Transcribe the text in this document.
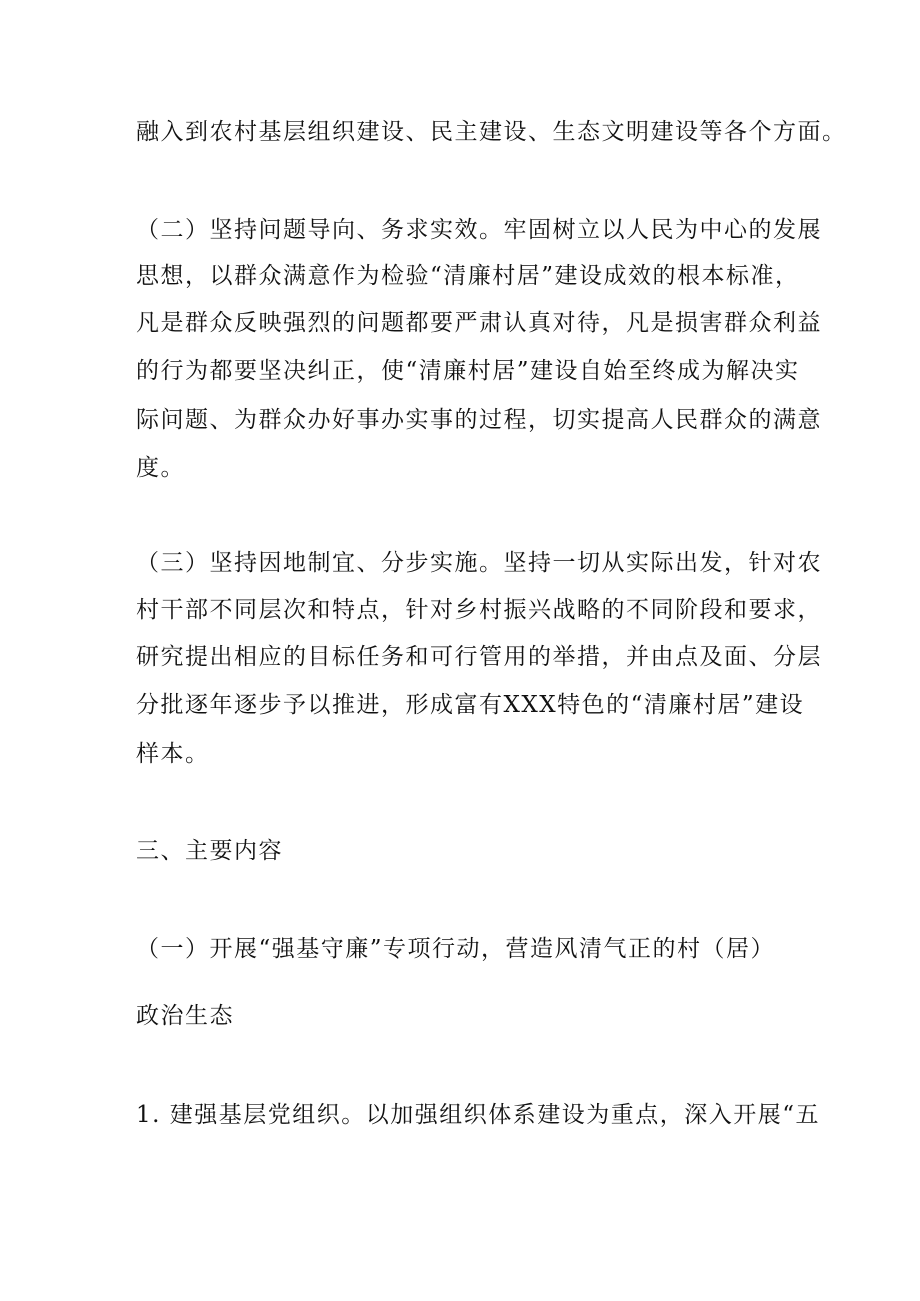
融入到农村基层组织建设、民主建设、生态文明建设等各个方面。
（二）坚持问题导向、务求实效。牢固树立以人民为中心的发展
思想，以群众满意作为检验“清廉村居”建设成效的根本标准，
凡是群众反映强烈的问题都要严肃认真对待，凡是损害群众利益
的行为都要坚决纠正，使“清廉村居”建设自始至终成为解决实
际问题、为群众办好事办实事的过程，切实提高人民群众的满意
度。
（三）坚持因地制宜、分步实施。坚持一切从实际出发，针对农
村干部不同层次和特点，针对乡村振兴战略的不同阶段和要求，
研究提出相应的目标任务和可行管用的举措，并由点及面、分层
分批逐年逐步予以推进，形成富有XXX特色的“清廉村居”建设
样本。
三、主要内容
（一）开展“强基守廉”专项行动，营造风清气正的村（居）
政治生态
1. 建强基层党组织。以加强组织体系建设为重点，深入开展“五
